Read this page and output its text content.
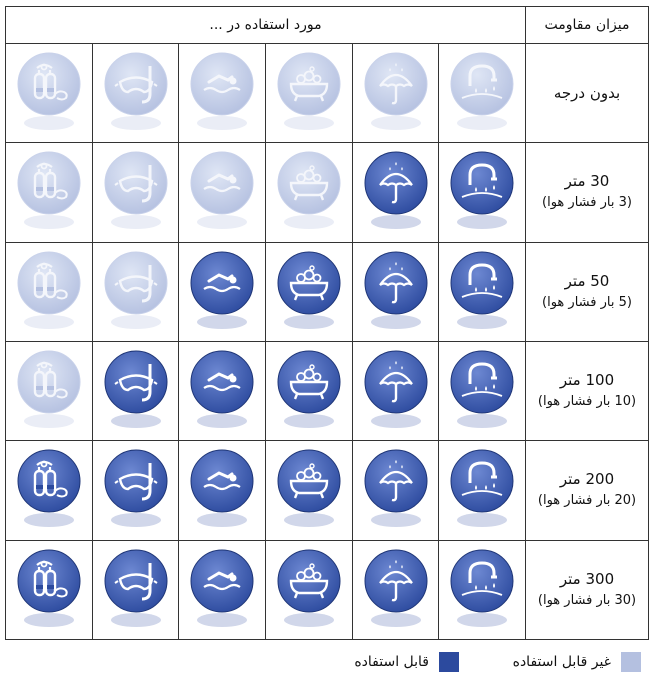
میزان مقاومت	مورد استفاده در ...					

بدون درجه

30 متر
(3 بار فشار هوا)

50 متر
(5 بار فشار هوا)

100 متر
(10 بار فشار هوا)

200 متر
(20 بار فشار هوا)

300 متر
(30 بار فشار هوا)

غیر قابل استفاده
قابل استفاده
